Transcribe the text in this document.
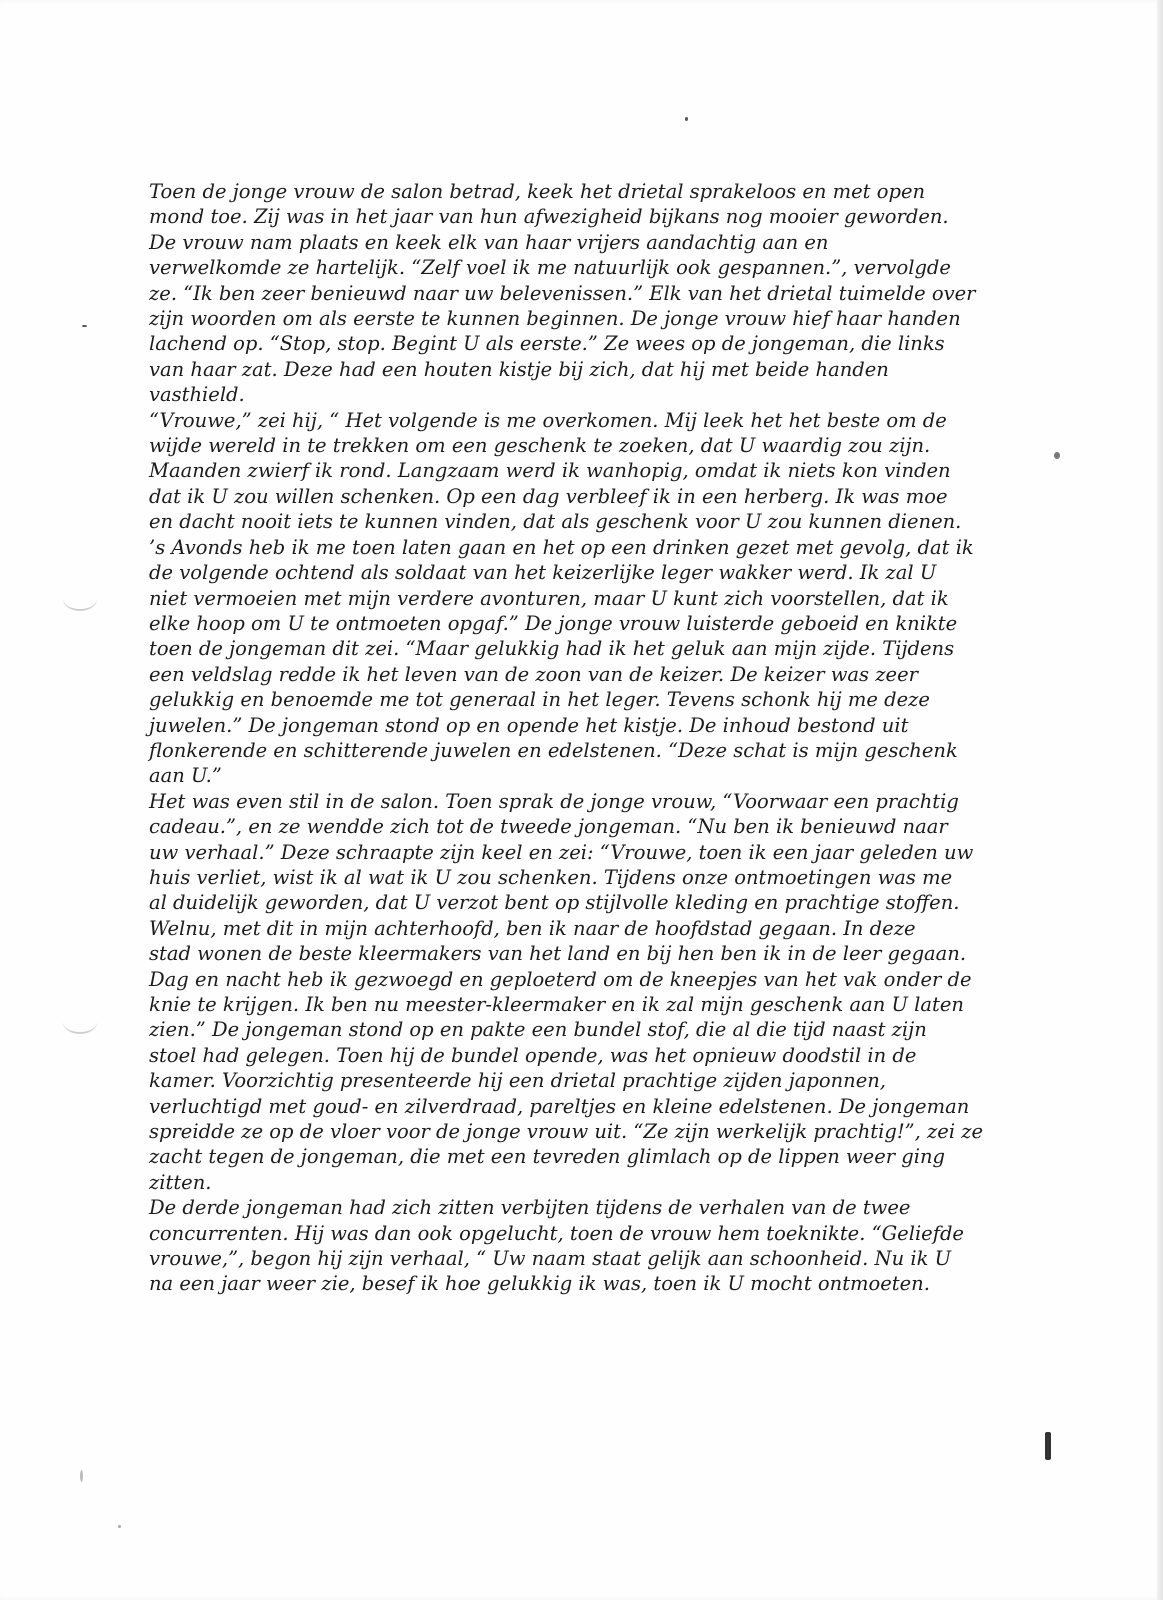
Toen de jonge vrouw de salon betrad, keek het drietal sprakeloos en met open
mond toe. Zij was in het jaar van hun afwezigheid bijkans nog mooier geworden.
De vrouw nam plaats en keek elk van haar vrijers aandachtig aan en
verwelkomde ze hartelijk. “Zelf voel ik me natuurlijk ook gespannen.”, vervolgde
ze. “Ik ben zeer benieuwd naar uw belevenissen.” Elk van het drietal tuimelde over
zijn woorden om als eerste te kunnen beginnen. De jonge vrouw hief haar handen
lachend op. “Stop, stop. Begint U als eerste.” Ze wees op de jongeman, die links
van haar zat. Deze had een houten kistje bij zich, dat hij met beide handen
vasthield.
“Vrouwe,” zei hij, “ Het volgende is me overkomen. Mij leek het het beste om de
wijde wereld in te trekken om een geschenk te zoeken, dat U waardig zou zijn.
Maanden zwierf ik rond. Langzaam werd ik wanhopig, omdat ik niets kon vinden
dat ik U zou willen schenken. Op een dag verbleef ik in een herberg. Ik was moe
en dacht nooit iets te kunnen vinden, dat als geschenk voor U zou kunnen dienen.
’s Avonds heb ik me toen laten gaan en het op een drinken gezet met gevolg, dat ik
de volgende ochtend als soldaat van het keizerlijke leger wakker werd. Ik zal U
niet vermoeien met mijn verdere avonturen, maar U kunt zich voorstellen, dat ik
elke hoop om U te ontmoeten opgaf.” De jonge vrouw luisterde geboeid en knikte
toen de jongeman dit zei. “Maar gelukkig had ik het geluk aan mijn zijde. Tijdens
een veldslag redde ik het leven van de zoon van de keizer. De keizer was zeer
gelukkig en benoemde me tot generaal in het leger. Tevens schonk hij me deze
juwelen.” De jongeman stond op en opende het kistje. De inhoud bestond uit
flonkerende en schitterende juwelen en edelstenen. “Deze schat is mijn geschenk
aan U.”
Het was even stil in de salon. Toen sprak de jonge vrouw, “Voorwaar een prachtig
cadeau.”, en ze wendde zich tot de tweede jongeman. “Nu ben ik benieuwd naar
uw verhaal.” Deze schraapte zijn keel en zei: “Vrouwe, toen ik een jaar geleden uw
huis verliet, wist ik al wat ik U zou schenken. Tijdens onze ontmoetingen was me
al duidelijk geworden, dat U verzot bent op stijlvolle kleding en prachtige stoffen.
Welnu, met dit in mijn achterhoofd, ben ik naar de hoofdstad gegaan. In deze
stad wonen de beste kleermakers van het land en bij hen ben ik in de leer gegaan.
Dag en nacht heb ik gezwoegd en geploeterd om de kneepjes van het vak onder de
knie te krijgen. Ik ben nu meester-kleermaker en ik zal mijn geschenk aan U laten
zien.” De jongeman stond op en pakte een bundel stof, die al die tijd naast zijn
stoel had gelegen. Toen hij de bundel opende, was het opnieuw doodstil in de
kamer. Voorzichtig presenteerde hij een drietal prachtige zijden japonnen,
verluchtigd met goud- en zilverdraad, pareltjes en kleine edelstenen. De jongeman
spreidde ze op de vloer voor de jonge vrouw uit. “Ze zijn werkelijk prachtig!”, zei ze
zacht tegen de jongeman, die met een tevreden glimlach op de lippen weer ging
zitten.
De derde jongeman had zich zitten verbijten tijdens de verhalen van de twee
concurrenten. Hij was dan ook opgelucht, toen de vrouw hem toeknikte. “Geliefde
vrouwe,”, begon hij zijn verhaal, “ Uw naam staat gelijk aan schoonheid. Nu ik U
na een jaar weer zie, besef ik hoe gelukkig ik was, toen ik U mocht ontmoeten.
